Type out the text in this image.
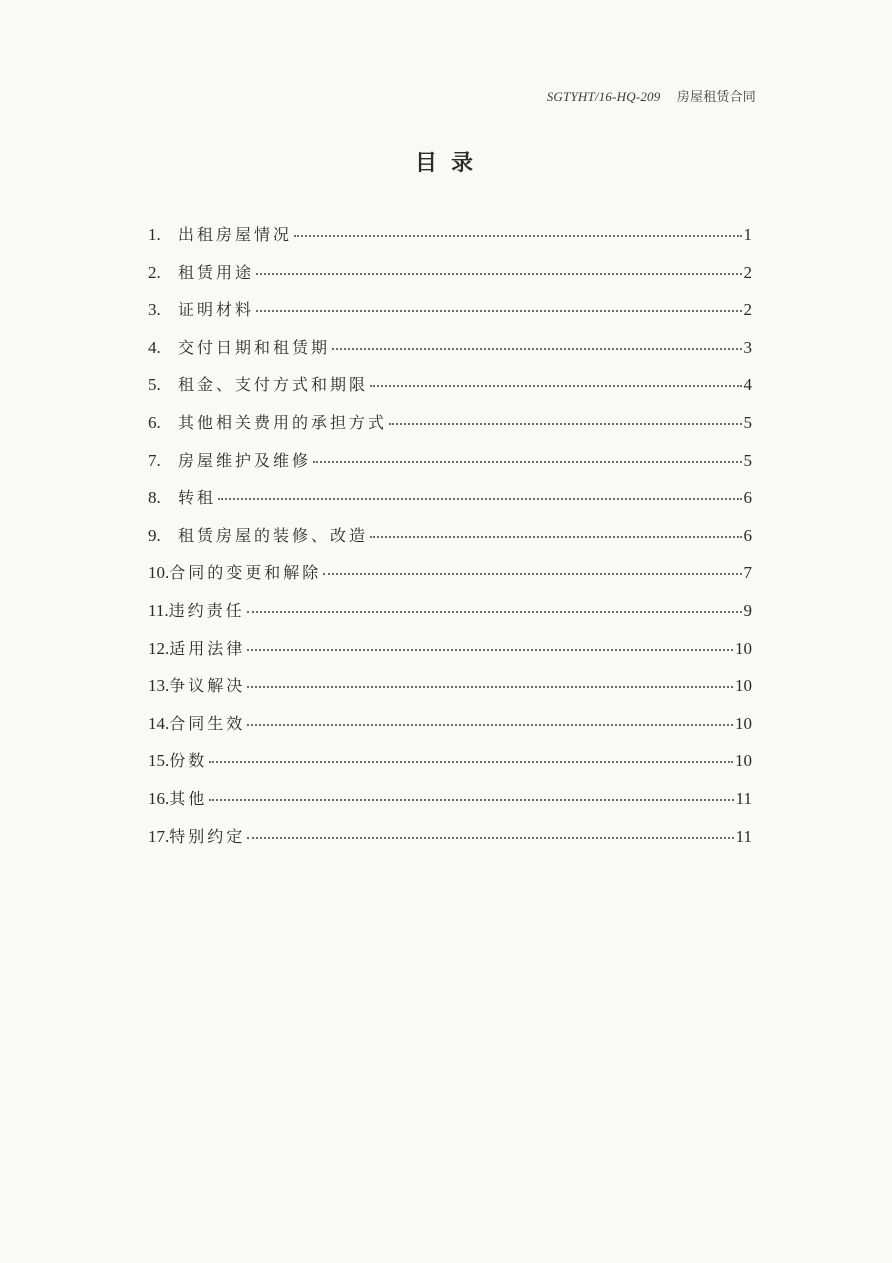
SGTYHT/16-HQ-209 房屋租赁合同
目录
1.	出租房屋情况	1
2.	租赁用途	2
3.	证明材料	2
4.	交付日期和租赁期	3
5.	租金、支付方式和期限	4
6.	其他相关费用的承担方式	5
7.	房屋维护及维修	5
8.	转租	6
9.	租赁房屋的装修、改造	6
10. 合同的变更和解除	7
11. 违约责任	9
12. 适用法律	10
13. 争议解决	10
14. 合同生效	10
15. 份数	10
16. 其他	11
17. 特别约定	11
